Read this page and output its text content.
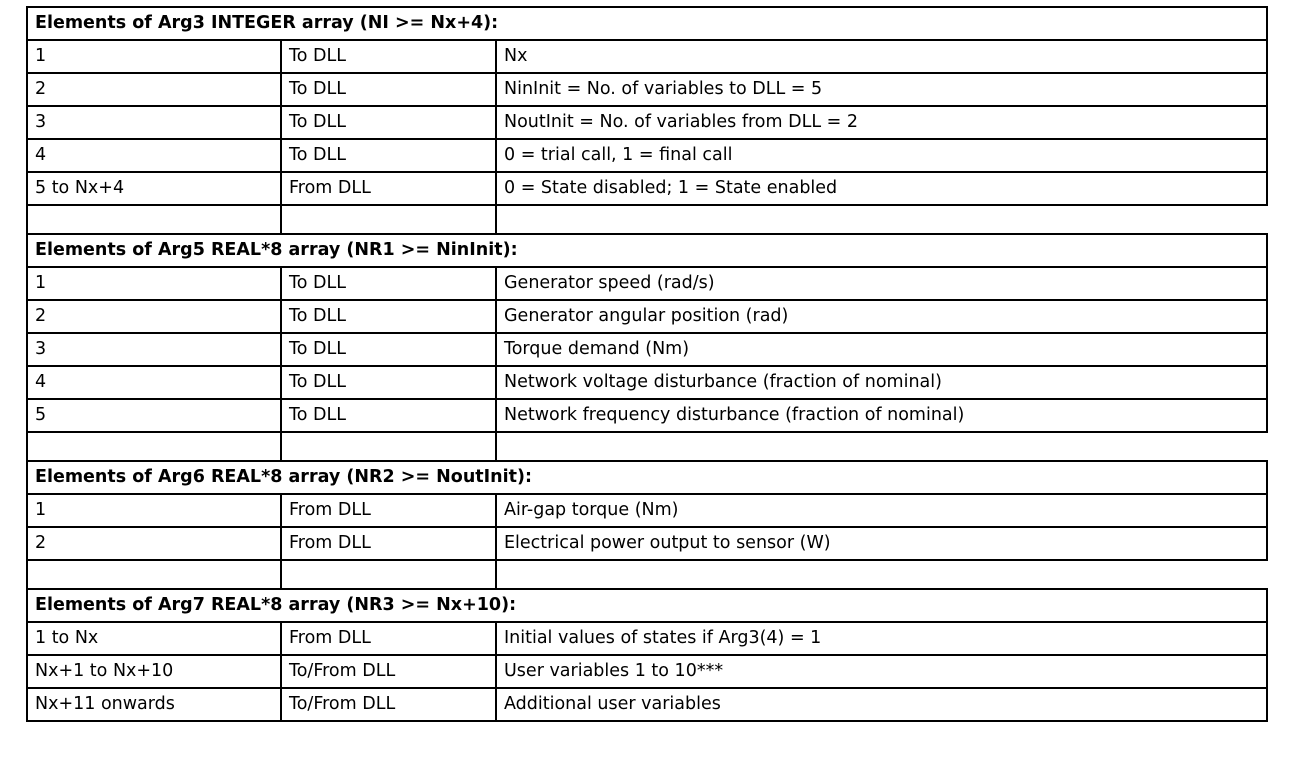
Elements of Arg3 INTEGER array (NI >= Nx+4):		
1	To DLL	Nx
2	To DLL	NinInit = No. of variables to DLL = 5
3	To DLL	NoutInit = No. of variables from DLL = 2
4	To DLL	0 = trial call, 1 = final call
5 to Nx+4	From DLL	0 = State disabled; 1 = State enabled

Elements of Arg5 REAL*8 array (NR1 >= NinInit):		
1	To DLL	Generator speed (rad/s)
2	To DLL	Generator angular position (rad)
3	To DLL	Torque demand (Nm)
4	To DLL	Network voltage disturbance (fraction of nominal)
5	To DLL	Network frequency disturbance (fraction of nominal)

Elements of Arg6 REAL*8 array (NR2 >= NoutInit):		
1	From DLL	Air-gap torque (Nm)
2	From DLL	Electrical power output to sensor (W)

Elements of Arg7 REAL*8 array (NR3 >= Nx+10):		
1 to Nx	From DLL	Initial values of states if Arg3(4) = 1
Nx+1 to Nx+10	To/From DLL	User variables 1 to 10***
Nx+11 onwards	To/From DLL	Additional user variables
